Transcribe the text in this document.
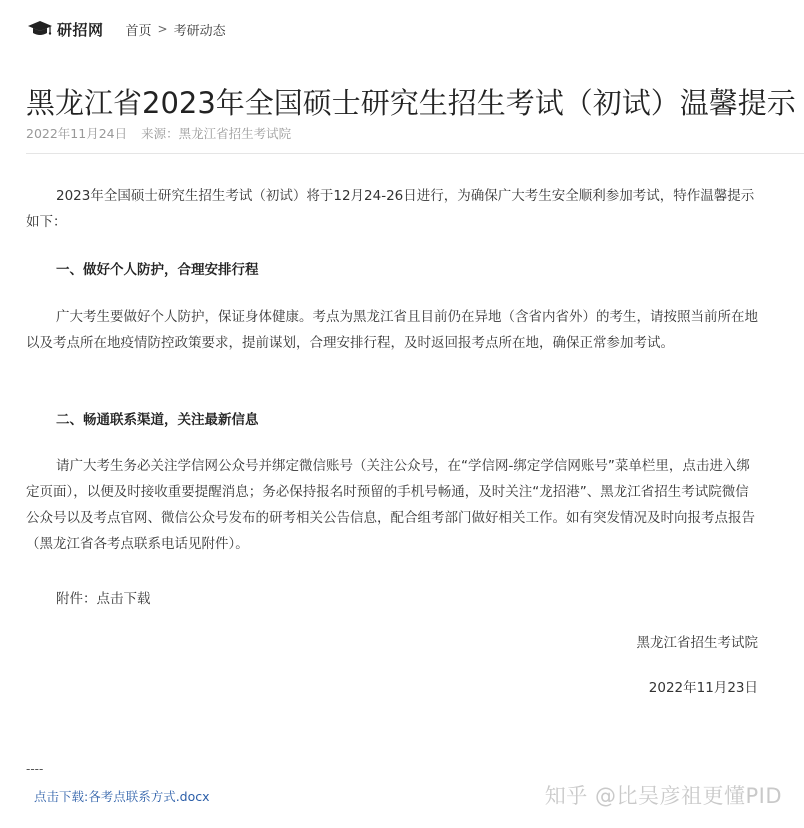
研招网 首页 > 考研动态
黑龙江省2023年全国硕士研究生招生考试（初试）温馨提示
2022年11月24日 来源：黑龙江省招生考试院

2023年全国硕士研究生招生考试（初试）将于12月24-26日进行，为确保广大考生安全顺利参加考试，特作温馨提示如下：

一、做好个人防护，合理安排行程

广大考生要做好个人防护，保证身体健康。考点为黑龙江省且目前仍在异地（含省内省外）的考生，请按照当前所在地以及考点所在地疫情防控政策要求，提前谋划，合理安排行程，及时返回报考点所在地，确保正常参加考试。

二、畅通联系渠道，关注最新信息

请广大考生务必关注学信网公众号并绑定微信账号（关注公众号，在“学信网-绑定学信网账号”菜单栏里，点击进入绑定页面），以便及时接收重要提醒消息；务必保持报名时预留的手机号畅通，及时关注“龙招港”、黑龙江省招生考试院微信公众号以及考点官网、微信公众号发布的研考相关公告信息，配合组考部门做好相关工作。如有突发情况及时向报考点报告（黑龙江省各考点联系电话见附件）。

附件：点击下载

黑龙江省招生考试院

2022年11月23日

----
点击下载:各考点联系方式.docx	知乎 @比吴彦祖更懂PID
